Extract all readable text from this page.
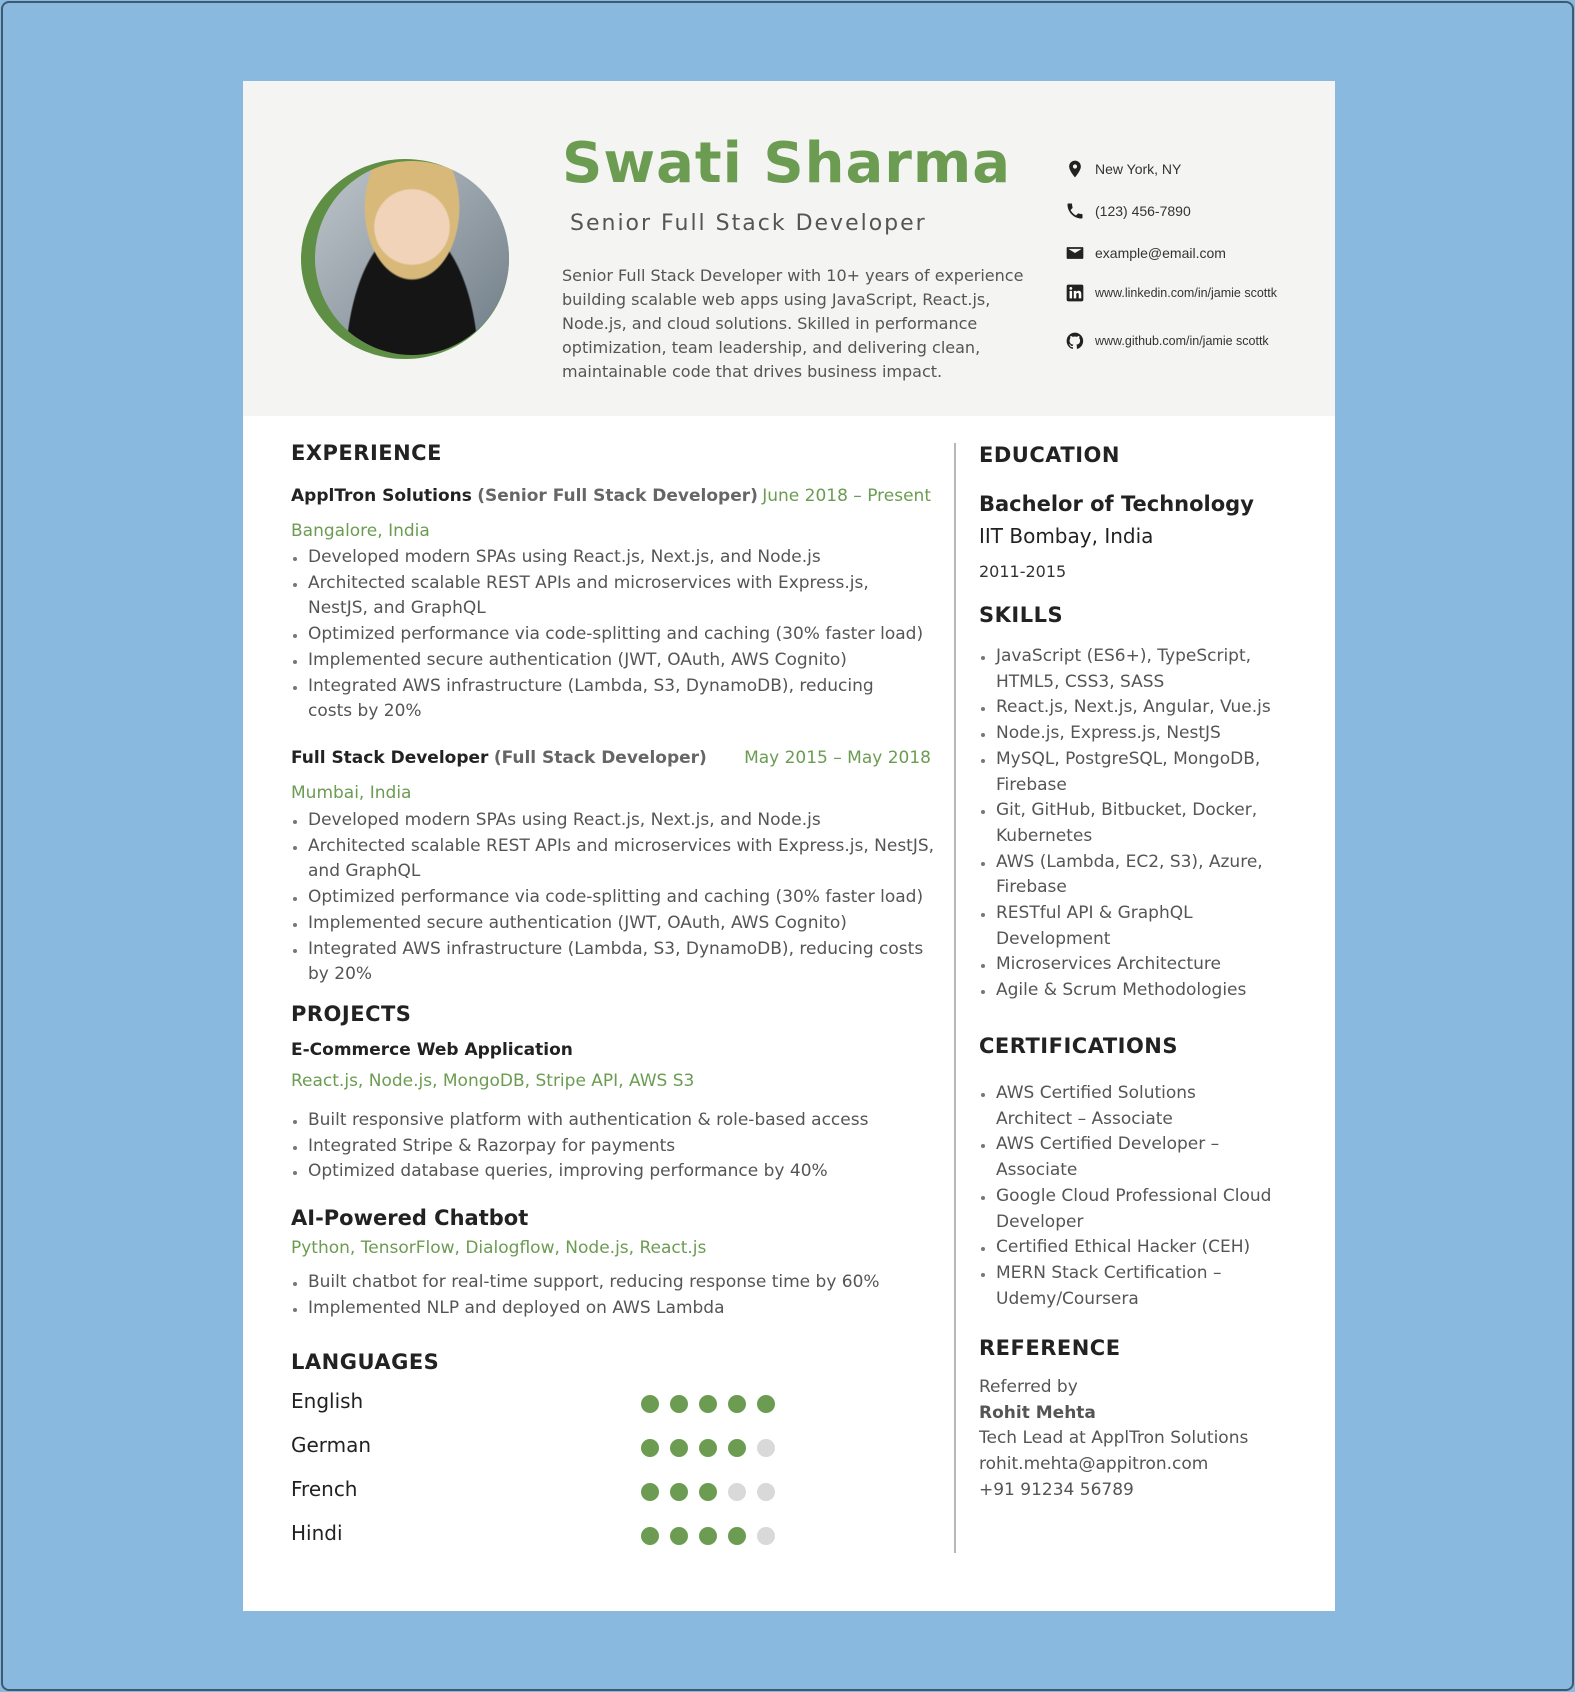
Swati Sharma
Senior Full Stack Developer
Senior Full Stack Developer with 10+ years of experience building scalable web apps using JavaScript, React.js, Node.js, and cloud solutions. Skilled in performance optimization, team leadership, and delivering clean, maintainable code that drives business impact.
New York, NY
(123) 456-7890
example@email.com
www.linkedin.com/in/jamie scottk
www.github.com/in/jamie scottk
EXPERIENCE
ApplTron Solutions (Senior Full Stack Developer) June 2018 – Present
Bangalore, India
Developed modern SPAs using React.js, Next.js, and Node.js
Architected scalable REST APIs and microservices with Express.js, NestJS, and GraphQL
Optimized performance via code-splitting and caching (30% faster load)
Implemented secure authentication (JWT, OAuth, AWS Cognito)
Integrated AWS infrastructure (Lambda, S3, DynamoDB), reducing costs by 20%
Full Stack Developer (Full Stack Developer) May 2015 – May 2018
Mumbai, India
Developed modern SPAs using React.js, Next.js, and Node.js
Architected scalable REST APIs and microservices with Express.js, NestJS, and GraphQL
Optimized performance via code-splitting and caching (30% faster load)
Implemented secure authentication (JWT, OAuth, AWS Cognito)
Integrated AWS infrastructure (Lambda, S3, DynamoDB), reducing costs by 20%
PROJECTS
E-Commerce Web Application
React.js, Node.js, MongoDB, Stripe API, AWS S3
Built responsive platform with authentication & role-based access
Integrated Stripe & Razorpay for payments
Optimized database queries, improving performance by 40%
AI-Powered Chatbot
Python, TensorFlow, Dialogflow, Node.js, React.js
Built chatbot for real-time support, reducing response time by 60%
Implemented NLP and deployed on AWS Lambda
LANGUAGES
English
German
French
Hindi
EDUCATION
Bachelor of Technology
IIT Bombay, India
2011-2015
SKILLS
JavaScript (ES6+), TypeScript, HTML5, CSS3, SASS
React.js, Next.js, Angular, Vue.js
Node.js, Express.js, NestJS
MySQL, PostgreSQL, MongoDB, Firebase
Git, GitHub, Bitbucket, Docker, Kubernetes
AWS (Lambda, EC2, S3), Azure, Firebase
RESTful API & GraphQL Development
Microservices Architecture
Agile & Scrum Methodologies
CERTIFICATIONS
AWS Certified Solutions Architect – Associate
AWS Certified Developer – Associate
Google Cloud Professional Cloud Developer
Certified Ethical Hacker (CEH)
MERN Stack Certification – Udemy/Coursera
REFERENCE
Referred by
Rohit Mehta
Tech Lead at ApplTron Solutions
rohit.mehta@appitron.com
+91 91234 56789
